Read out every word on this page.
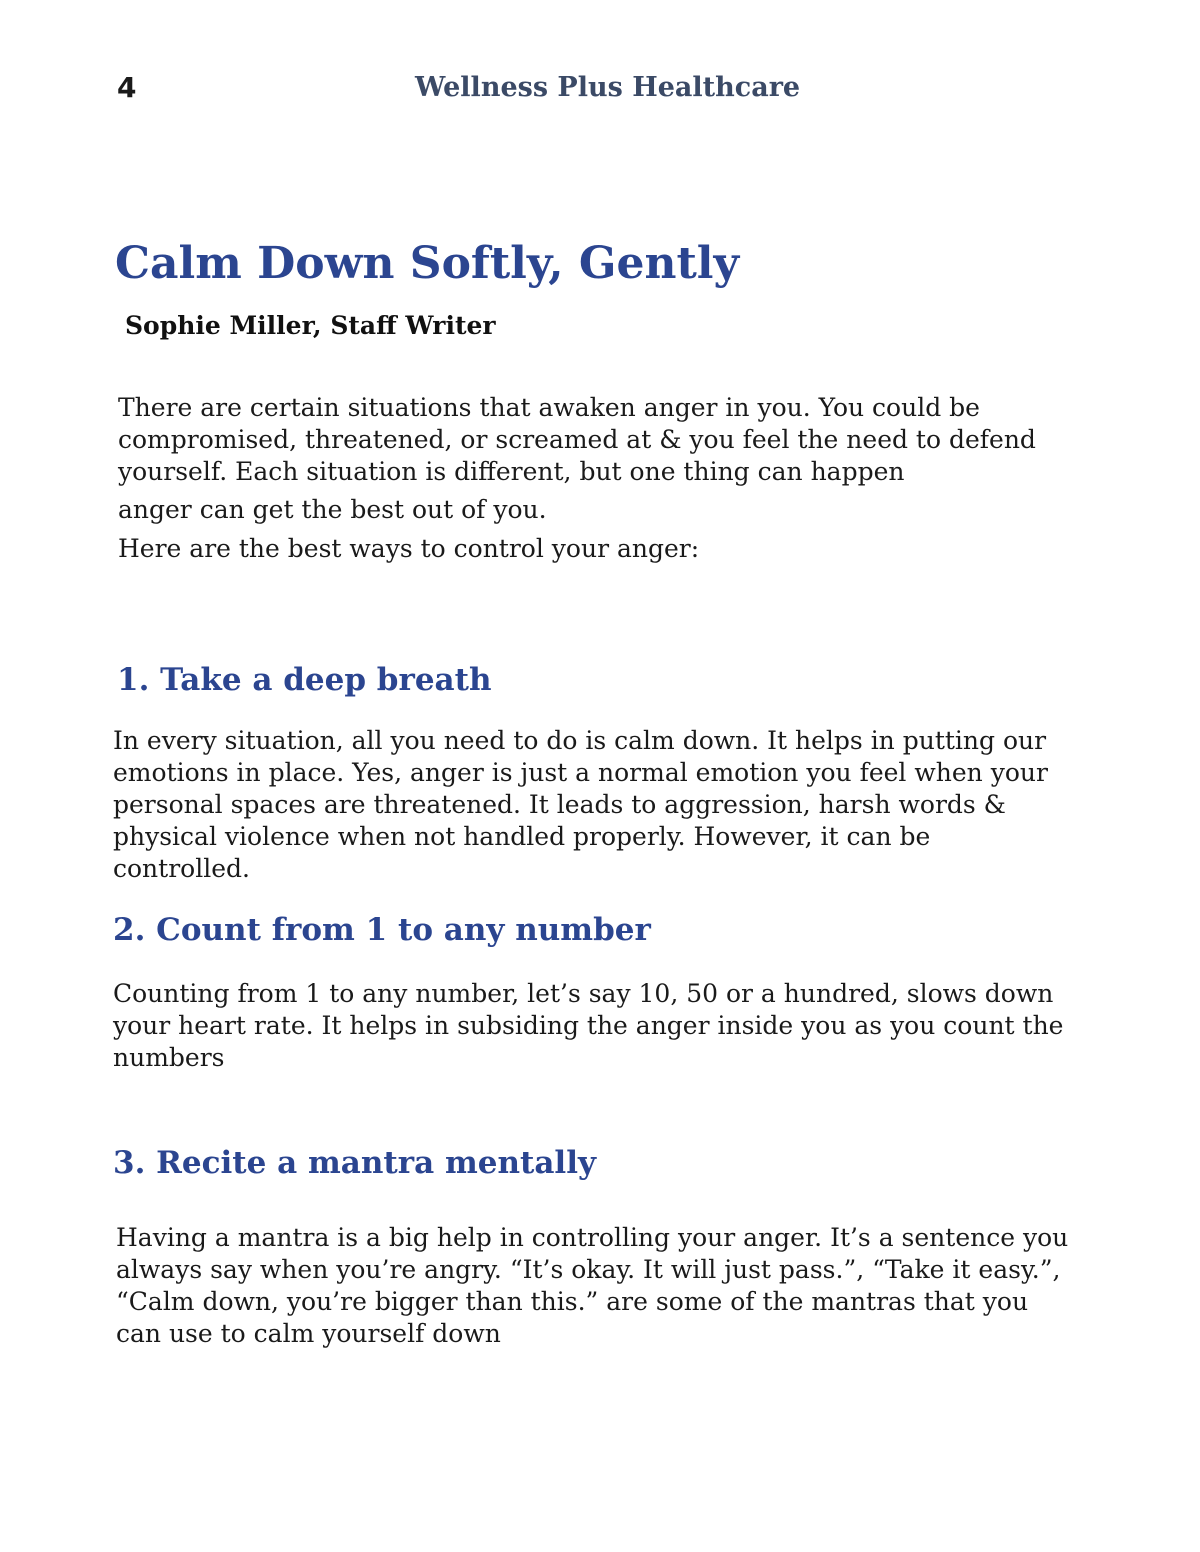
4	Wellness Plus Healthcare
Calm Down Softly, Gently
Sophie Miller, Staff Writer

There are certain situations that awaken anger in you. You could be compromised, threatened, or screamed at & you feel the need to defend yourself. Each situation is different, but one thing can happen

anger can get the best out of you.

Here are the best ways to control your anger:

1. Take a deep breath

In every situation, all you need to do is calm down. It helps in putting our emotions in place. Yes, anger is just a normal emotion you feel when your personal spaces are threatened. It leads to aggression, harsh words & physical violence when not handled properly. However, it can be controlled.

2. Count from 1 to any number

Counting from 1 to any number, let’s say 10, 50 or a hundred, slows down your heart rate. It helps in subsiding the anger inside you as you count the numbers

3. Recite a mantra mentally

Having a mantra is a big help in controlling your anger. It’s a sentence you always say when you’re angry. “It’s okay. It will just pass.”, “Take it easy.”, “Calm down, you’re bigger than this.” are some of the mantras that you can use to calm yourself down
